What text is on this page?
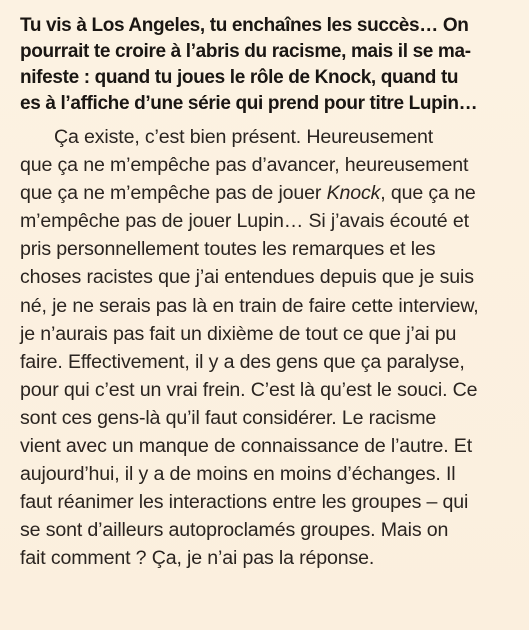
Tu vis à Los Angeles, tu enchaînes les succès… On
pourrait te croire à l’abris du racisme, mais il se ma-
nifeste : quand tu joues le rôle de Knock, quand tu
es à l’affiche d’une série qui prend pour titre Lupin…

Ça existe, c’est bien présent. Heureusement
que ça ne m’empêche pas d’avancer, heureusement
que ça ne m’empêche pas de jouer Knock, que ça ne
m’empêche pas de jouer Lupin… Si j’avais écouté et
pris personnellement toutes les remarques et les
choses racistes que j’ai entendues depuis que je suis
né, je ne serais pas là en train de faire cette interview,
je n’aurais pas fait un dixième de tout ce que j’ai pu
faire. Effectivement, il y a des gens que ça paralyse,
pour qui c’est un vrai frein. C’est là qu’est le souci. Ce
sont ces gens-là qu’il faut considérer. Le racisme
vient avec un manque de connaissance de l’autre. Et
aujourd’hui, il y a de moins en moins d’échanges. Il
faut réanimer les interactions entre les groupes – qui
se sont d’ailleurs autoproclamés groupes. Mais on
fait comment ? Ça, je n’ai pas la réponse.
